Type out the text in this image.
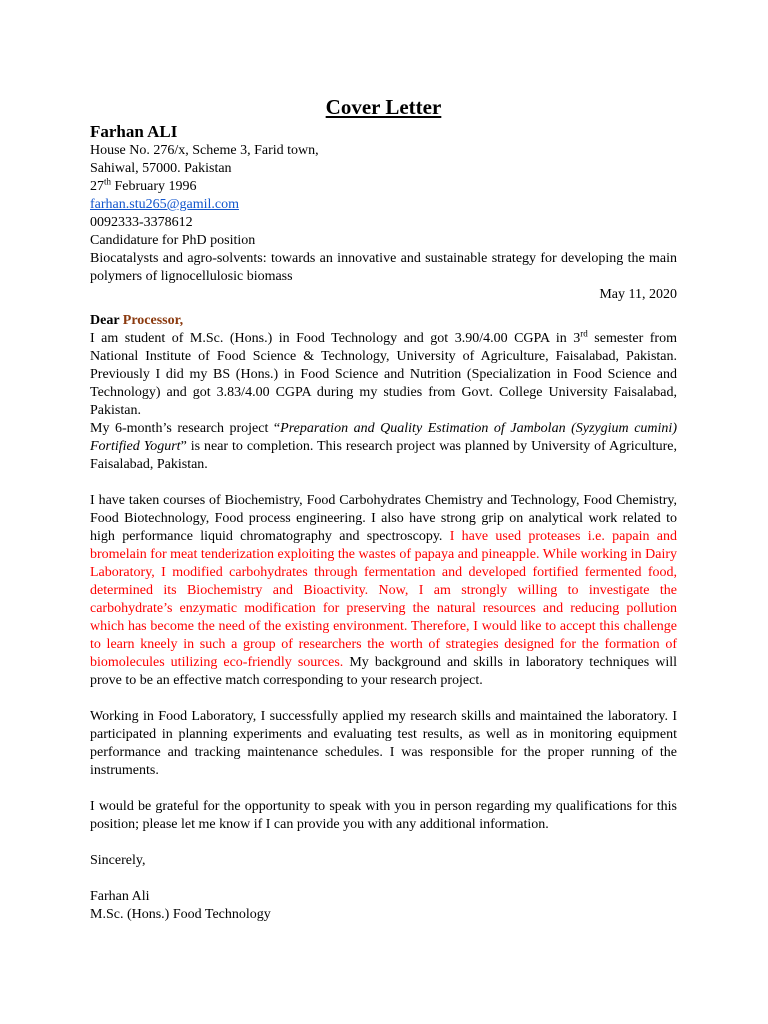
Cover Letter
Farhan ALI
House No. 276/x, Scheme 3, Farid town,
Sahiwal, 57000. Pakistan
27th February 1996
farhan.stu265@gamil.com
0092333-3378612
Candidature for PhD position
Biocatalysts and agro-solvents: towards an innovative and sustainable strategy for developing the main polymers of lignocellulosic biomass
May 11, 2020
Dear Processor,
I am student of M.Sc. (Hons.) in Food Technology and got 3.90/4.00 CGPA in 3rd semester from National Institute of Food Science & Technology, University of Agriculture, Faisalabad, Pakistan. Previously I did my BS (Hons.) in Food Science and Nutrition (Specialization in Food Science and Technology) and got 3.83/4.00 CGPA during my studies from Govt. College University Faisalabad, Pakistan.
My 6-month’s research project “Preparation and Quality Estimation of Jambolan (Syzygium cumini) Fortified Yogurt” is near to completion. This research project was planned by University of Agriculture, Faisalabad, Pakistan.
I have taken courses of Biochemistry, Food Carbohydrates Chemistry and Technology, Food Chemistry, Food Biotechnology, Food process engineering. I also have strong grip on analytical work related to high performance liquid chromatography and spectroscopy. I have used proteases i.e. papain and bromelain for meat tenderization exploiting the wastes of papaya and pineapple. While working in Dairy Laboratory, I modified carbohydrates through fermentation and developed fortified fermented food, determined its Biochemistry and Bioactivity. Now, I am strongly willing to investigate the carbohydrate’s enzymatic modification for preserving the natural resources and reducing pollution which has become the need of the existing environment. Therefore, I would like to accept this challenge to learn kneely in such a group of researchers the worth of strategies designed for the formation of biomolecules utilizing eco-friendly sources. My background and skills in laboratory techniques will prove to be an effective match corresponding to your research project.
Working in Food Laboratory, I successfully applied my research skills and maintained the laboratory. I participated in planning experiments and evaluating test results, as well as in monitoring equipment performance and tracking maintenance schedules. I was responsible for the proper running of the instruments.
I would be grateful for the opportunity to speak with you in person regarding my qualifications for this position; please let me know if I can provide you with any additional information.
Sincerely,
Farhan Ali
M.Sc. (Hons.) Food Technology
